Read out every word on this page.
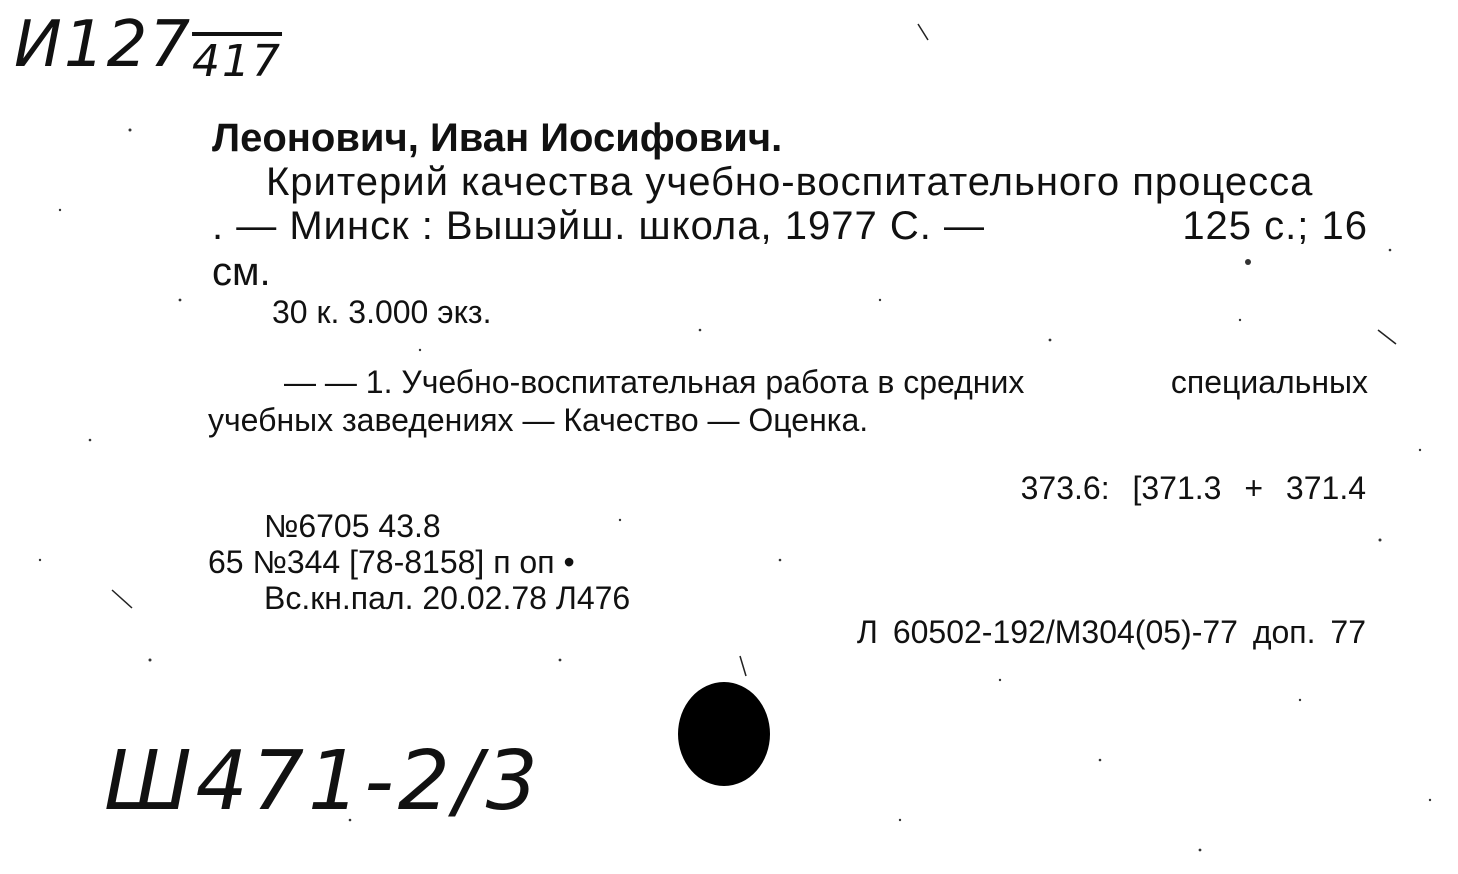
И127417
Леонович, Иван Иосифович.
Критерий качества учебно-воспитательного процесса
. — Минск : Вышэйш. школа, 1977 С. —	125 с.; 16
см.
30 к. 3.000 экз.
— — 1. Учебно-воспитательная работа в средних	специальных
учебных заведениях — Качество — Оценка.
373.6: [371.3 + 371.4
№6705 43.8
65 №344 [78-8158] п оп •
Вс.кн.пал. 20.02.78 Л476
Л 60502-192/М304(05)-77 доп. 77
Ш471-2/3
